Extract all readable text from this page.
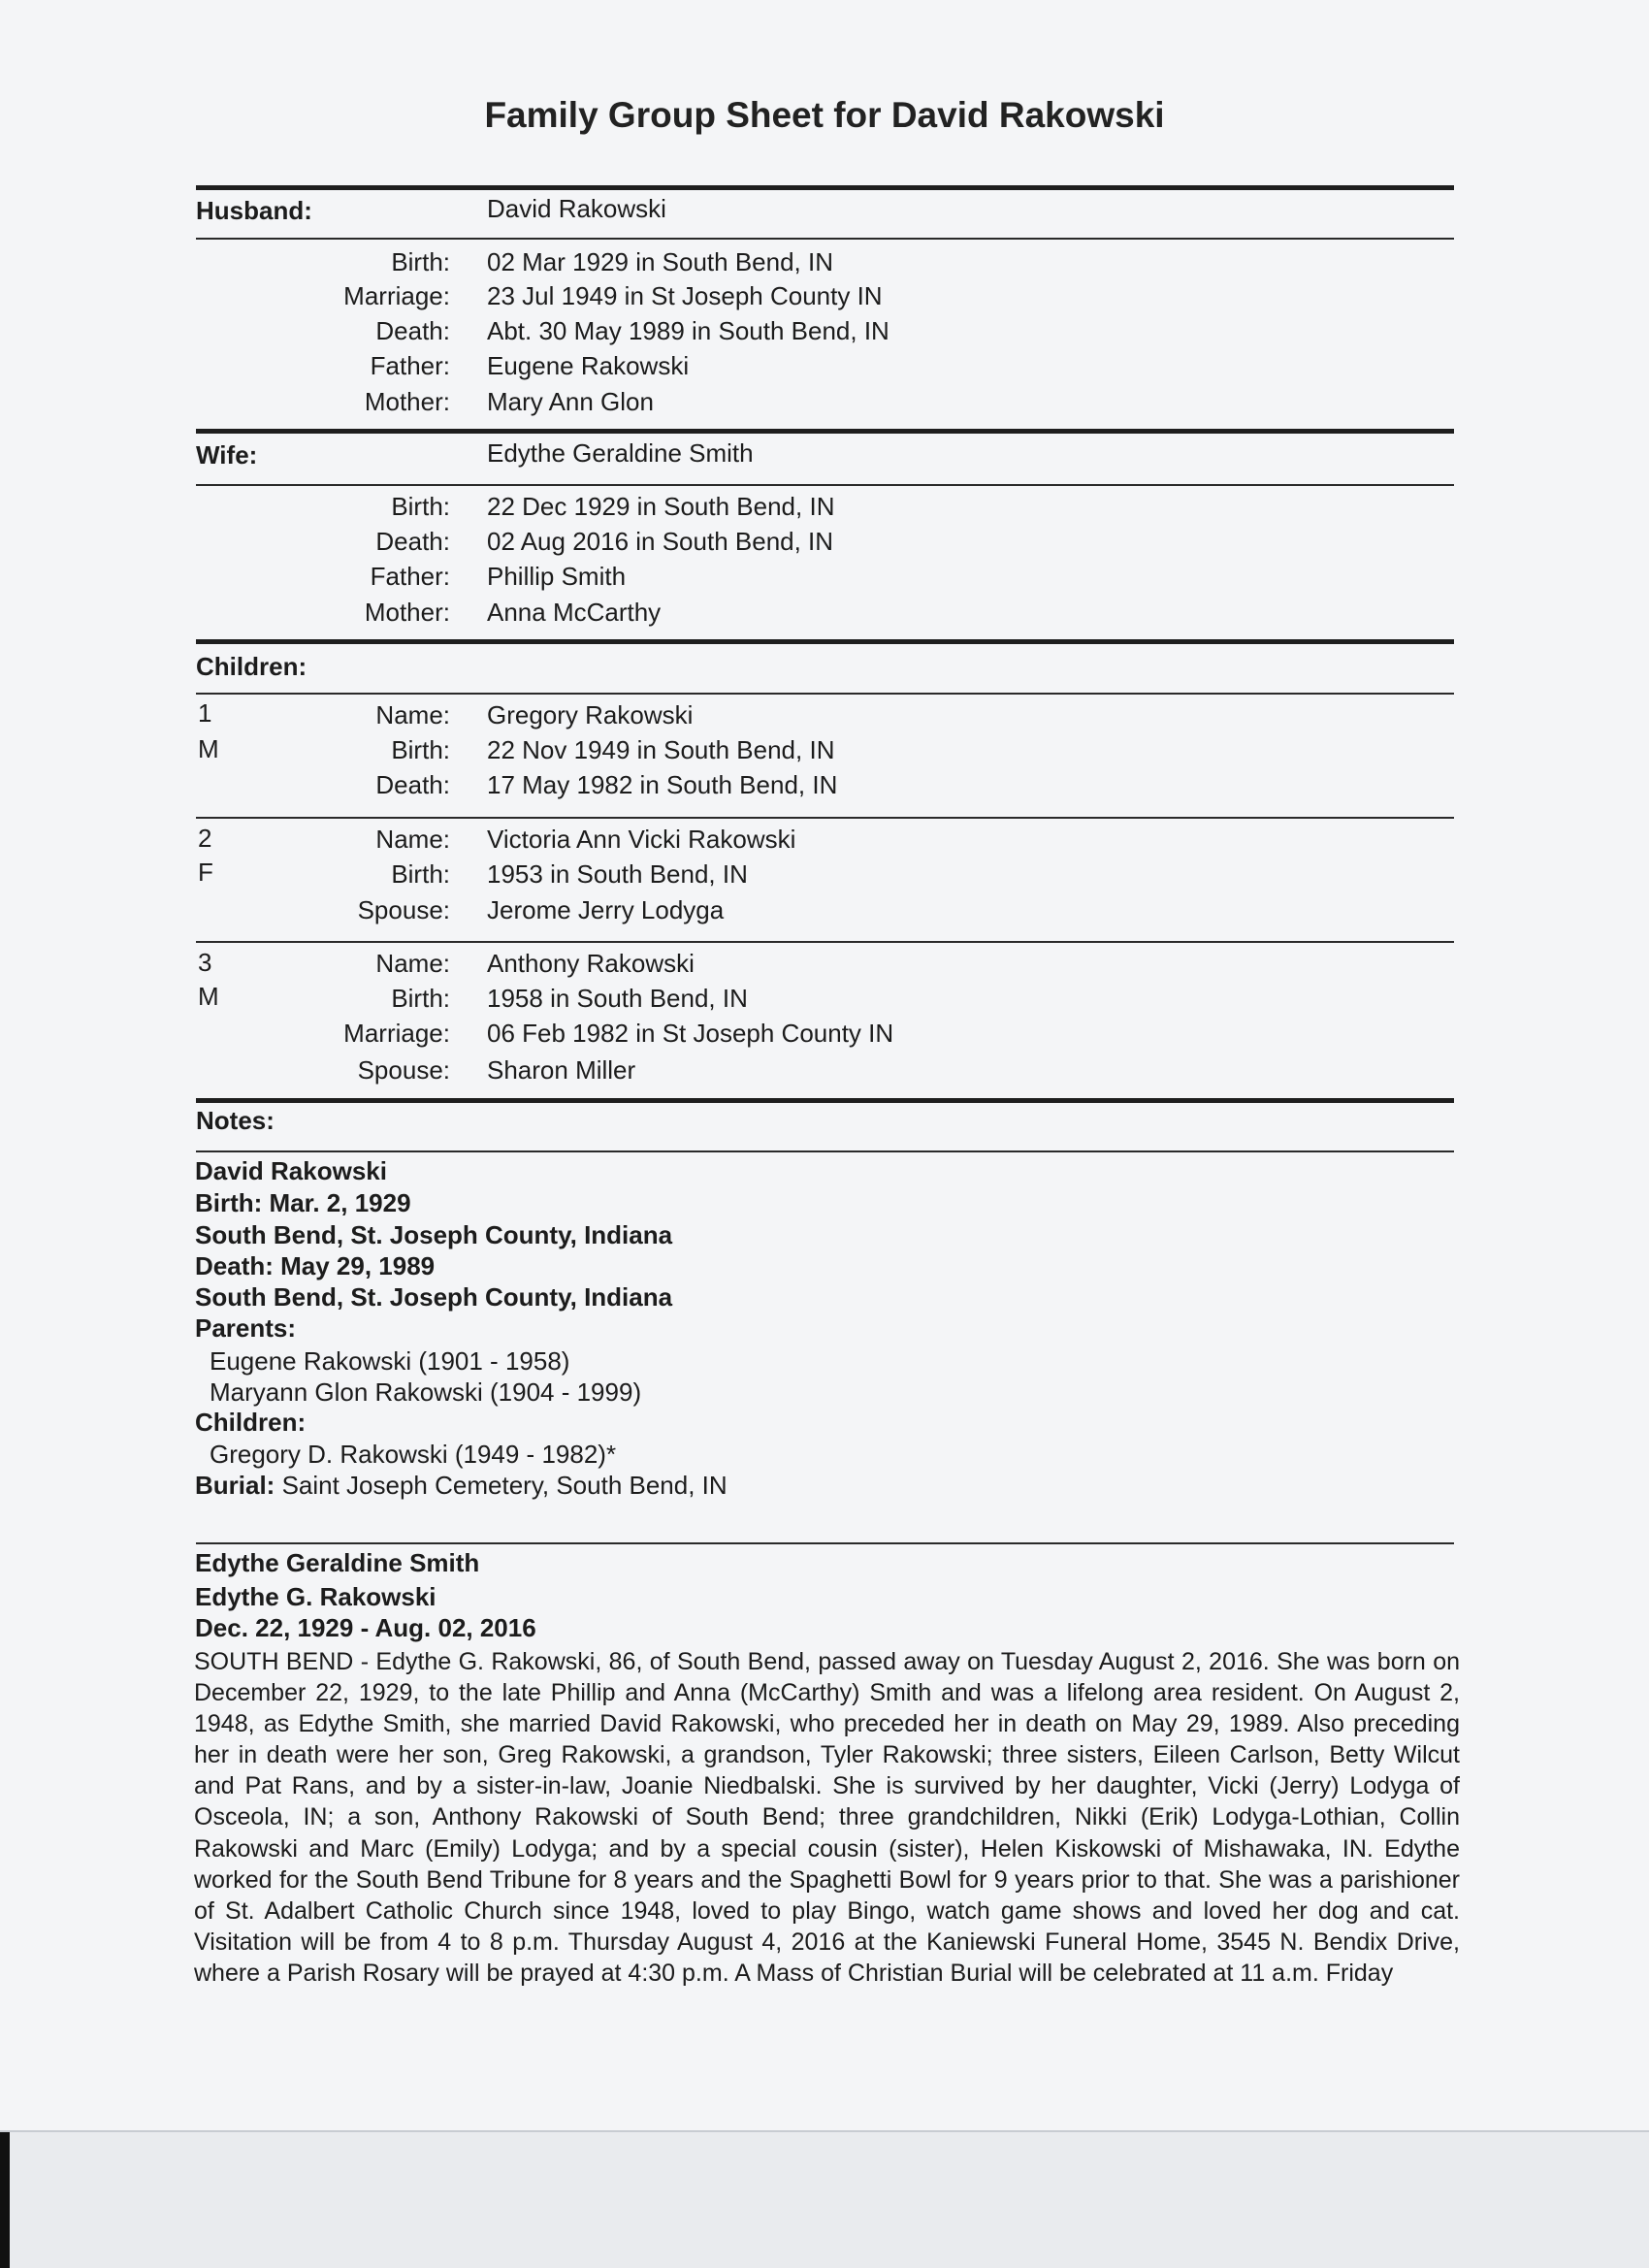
Family Group Sheet for David Rakowski
Husband:	David Rakowski
Birth: 02 Mar 1929 in South Bend, IN
Marriage: 23 Jul 1949 in St Joseph County IN
Death: Abt. 30 May 1989 in South Bend, IN
Father: Eugene Rakowski
Mother: Mary Ann Glon
Wife:	Edythe Geraldine Smith
Birth: 22 Dec 1929 in South Bend, IN
Death: 02 Aug 2016 in South Bend, IN
Father: Phillip Smith
Mother: Anna McCarthy
Children:
1
M
Name: Gregory Rakowski
Birth: 22 Nov 1949 in South Bend, IN
Death: 17 May 1982 in South Bend, IN
2
F
Name: Victoria Ann Vicki Rakowski
Birth: 1953 in South Bend, IN
Spouse: Jerome Jerry Lodyga
3
M
Name: Anthony Rakowski
Birth: 1958 in South Bend, IN
Marriage: 06 Feb 1982 in St Joseph County IN
Spouse: Sharon Miller
Notes:
David Rakowski
Birth: Mar. 2, 1929
South Bend, St. Joseph County, Indiana
Death: May 29, 1989
South Bend, St. Joseph County, Indiana
Parents:
Eugene Rakowski (1901 - 1958)
Maryann Glon Rakowski (1904 - 1999)
Children:
Gregory D. Rakowski (1949 - 1982)*
Burial: Saint Joseph Cemetery, South Bend, IN
Edythe Geraldine Smith
Edythe G. Rakowski
Dec. 22, 1929 - Aug. 02, 2016
SOUTH BEND - Edythe G. Rakowski, 86, of South Bend, passed away on Tuesday August 2, 2016. She was born on December 22, 1929, to the late Phillip and Anna (McCarthy) Smith and was a lifelong area resident. On August 2, 1948, as Edythe Smith, she married David Rakowski, who preceded her in death on May 29, 1989. Also preceding her in death were her son, Greg Rakowski, a grandson, Tyler Rakowski; three sisters, Eileen Carlson, Betty Wilcut and Pat Rans, and by a sister-in-law, Joanie Niedbalski. She is survived by her daughter, Vicki (Jerry) Lodyga of Osceola, IN; a son, Anthony Rakowski of South Bend; three grandchildren, Nikki (Erik) Lodyga-Lothian, Collin Rakowski and Marc (Emily) Lodyga; and by a special cousin (sister), Helen Kiskowski of Mishawaka, IN. Edythe worked for the South Bend Tribune for 8 years and the Spaghetti Bowl for 9 years prior to that. She was a parishioner of St. Adalbert Catholic Church since 1948, loved to play Bingo, watch game shows and loved her dog and cat. Visitation will be from 4 to 8 p.m. Thursday August 4, 2016 at the Kaniewski Funeral Home, 3545 N. Bendix Drive, where a Parish Rosary will be prayed at 4:30 p.m. A Mass of Christian Burial will be celebrated at 11 a.m. Friday
